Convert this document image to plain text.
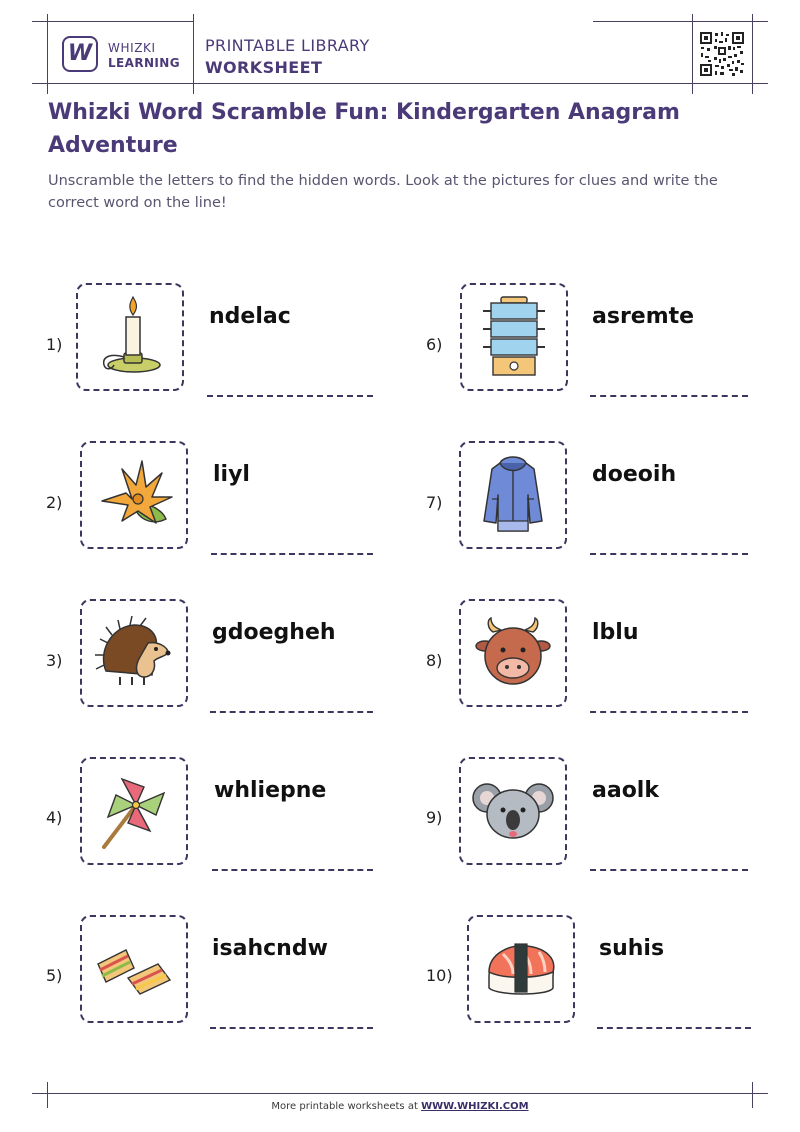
W WHIZKI
LEARNING
PRINTABLE LIBRARY
WORKSHEET
Whizki Word Scramble Fun: Kindergarten Anagram Adventure
Unscramble the letters to find the hidden words. Look at the pictures for clues and write the correct word on the line!
1)
ndelac
2)
liyl
3)
gdoegheh
4)
whliepne
5)
isahcndw
6)
asremte
7)
doeoih
8)
lblu
9)
aaolk
10)
suhis
More printable worksheets at WWW.WHIZKI.COM
